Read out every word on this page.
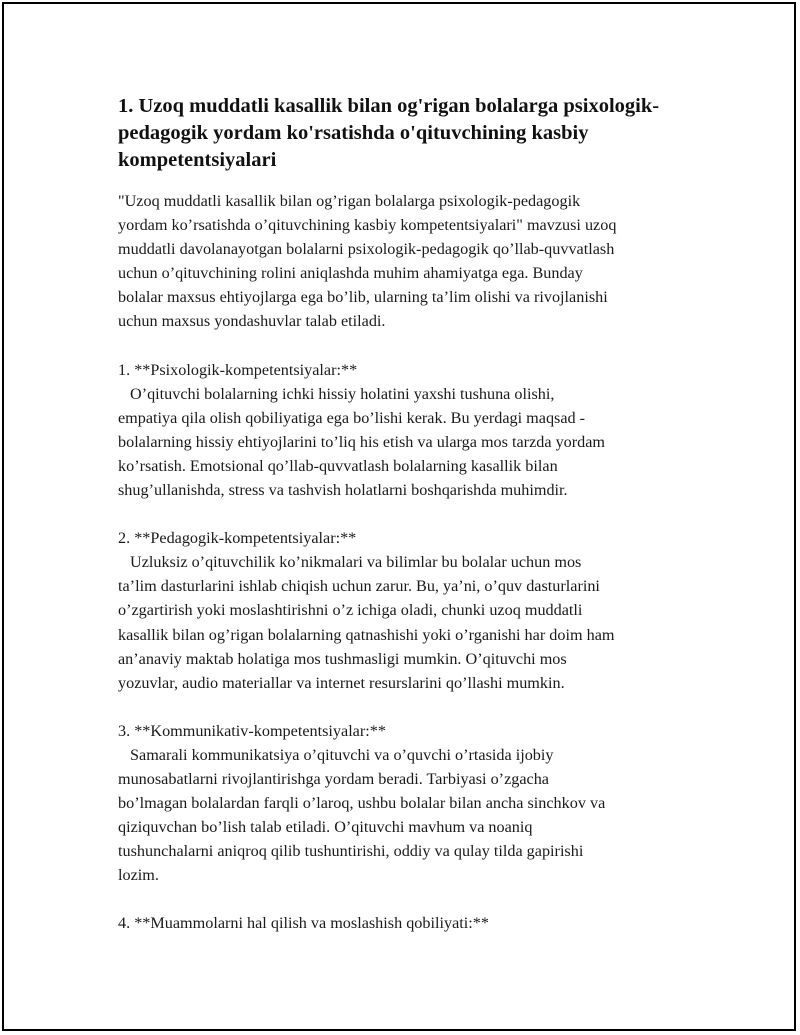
1. Uzoq muddatli kasallik bilan og'rigan bolalarga psixologik-
pedagogik yordam ko'rsatishda o'qituvchining kasbiy
kompetentsiyalari

"Uzoq muddatli kasallik bilan og’rigan bolalarga psixologik-pedagogik
yordam ko’rsatishda o’qituvchining kasbiy kompetentsiyalari" mavzusi uzoq
muddatli davolanayotgan bolalarni psixologik-pedagogik qo’llab-quvvatlash
uchun o’qituvchining rolini aniqlashda muhim ahamiyatga ega. Bunday
bolalar maxsus ehtiyojlarga ega bo’lib, ularning ta’lim olishi va rivojlanishi
uchun maxsus yondashuvlar talab etiladi.

1. **Psixologik-kompetentsiyalar:**

O’qituvchi bolalarning ichki hissiy holatini yaxshi tushuna olishi,
empatiya qila olish qobiliyatiga ega bo’lishi kerak. Bu yerdagi maqsad -
bolalarning hissiy ehtiyojlarini to’liq his etish va ularga mos tarzda yordam
ko’rsatish. Emotsional qo’llab-quvvatlash bolalarning kasallik bilan
shug’ullanishda, stress va tashvish holatlarni boshqarishda muhimdir.

2. **Pedagogik-kompetentsiyalar:**

Uzluksiz o’qituvchilik ko’nikmalari va bilimlar bu bolalar uchun mos
ta’lim dasturlarini ishlab chiqish uchun zarur. Bu, ya’ni, o’quv dasturlarini
o’zgartirish yoki moslashtirishni o’z ichiga oladi, chunki uzoq muddatli
kasallik bilan og’rigan bolalarning qatnashishi yoki o’rganishi har doim ham
an’anaviy maktab holatiga mos tushmasligi mumkin. O’qituvchi mos
yozuvlar, audio materiallar va internet resurslarini qo’llashi mumkin.

3. **Kommunikativ-kompetentsiyalar:**

Samarali kommunikatsiya o’qituvchi va o’quvchi o’rtasida ijobiy
munosabatlarni rivojlantirishga yordam beradi. Tarbiyasi o’zgacha
bo’lmagan bolalardan farqli o’laroq, ushbu bolalar bilan ancha sinchkov va
qiziquvchan bo’lish talab etiladi. O’qituvchi mavhum va noaniq
tushunchalarni aniqroq qilib tushuntirishi, oddiy va qulay tilda gapirishi
lozim.

4. **Muammolarni hal qilish va moslashish qobiliyati:**
